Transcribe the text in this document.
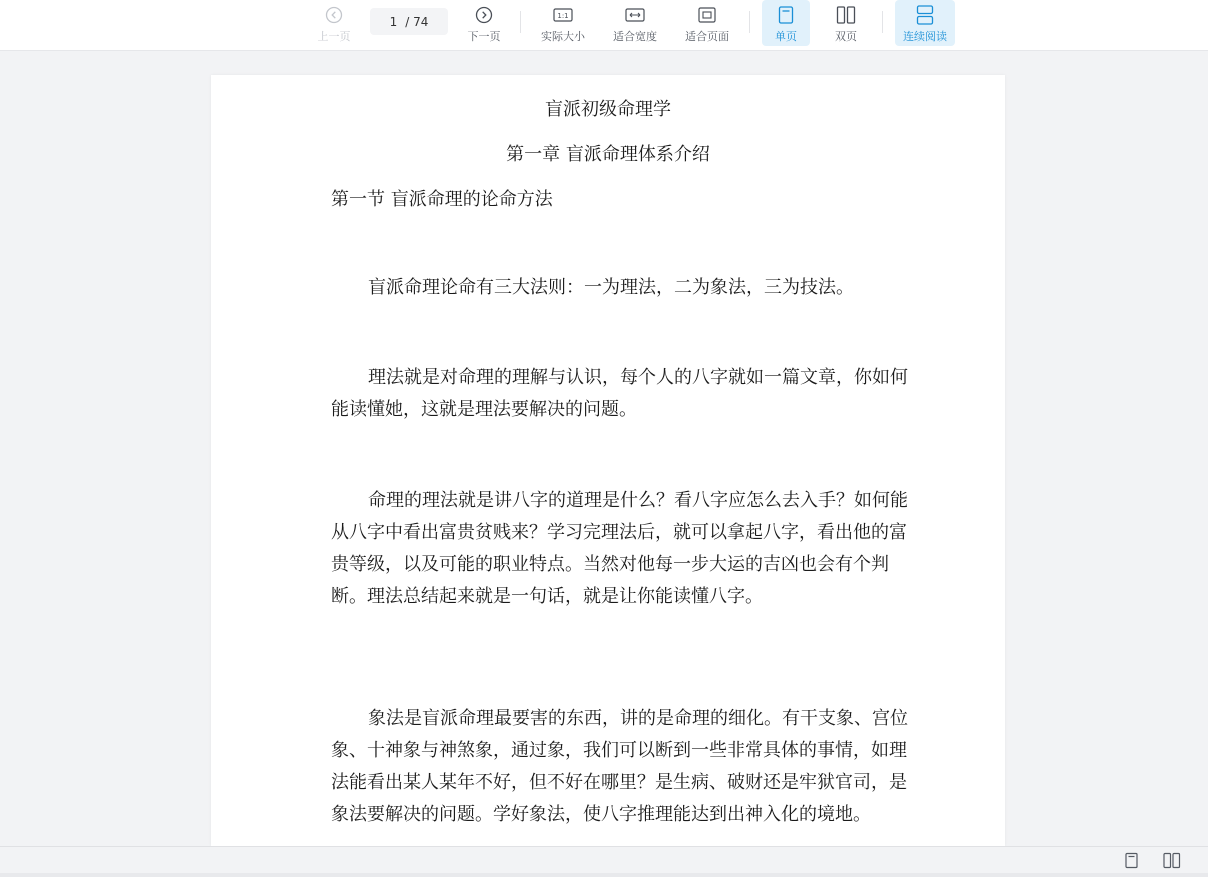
上一页
1 / 74
下一页
1:1
实际大小	适合宽度	适合页面	单页	双页	连续阅读
盲派初级命理学
第一章 盲派命理体系介绍
第一节 盲派命理的论命方法
盲派命理论命有三大法则：一为理法，二为象法，三为技法。
理法就是对命理的理解与认识，每个人的八字就如一篇文章，你如何能读懂她，这就是理法要解决的问题。
命理的理法就是讲八字的道理是什么？看八字应怎么去入手？如何能从八字中看出富贵贫贱来？学习完理法后，就可以拿起八字，看出他的富贵等级，以及可能的职业特点。当然对他每一步大运的吉凶也会有个判断。理法总结起来就是一句话，就是让你能读懂八字。
象法是盲派命理最要害的东西，讲的是命理的细化。有干支象、宫位象、十神象与神煞象，通过象，我们可以断到一些非常具体的事情，如理法能看出某人某年不好，但不好在哪里？是生病、破财还是牢狱官司，是象法要解决的问题。学好象法，使八字推理能达到出神入化的境地。
